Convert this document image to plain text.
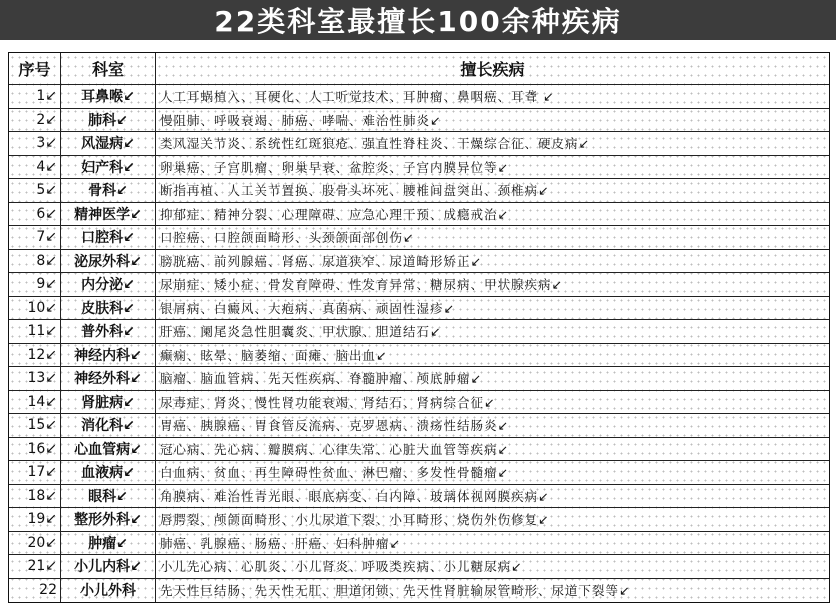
22类科室最擅长100余种疾病
序号	科室	擅长疾病
1↙	耳鼻喉↙	人工耳蜗植入、耳硬化、人工听觉技术、耳肿瘤、鼻咽癌、耳聋 ↙
2↙	肺科↙	慢阻肺、呼吸衰竭、肺癌、哮喘、难治性肺炎↙
3↙	风湿病↙	类风湿关节炎、系统性红斑狼疮、强直性脊柱炎、干燥综合征、硬皮病↙
4↙	妇产科↙	卵巢癌、子宫肌瘤、卵巢早衰、盆腔炎、子宫内膜异位等↙
5↙	骨科↙	断指再植、人工关节置换、股骨头坏死、腰椎间盘突出、颈椎病↙
6↙	精神医学↙	抑郁症、精神分裂、心理障碍、应急心理干预、成瘾戒治↙
7↙	口腔科↙	口腔癌、口腔颌面畸形、头颈颌面部创伤↙
8↙	泌尿外科↙	膀胱癌、前列腺癌、肾癌、尿道狭窄、尿道畸形矫正↙
9↙	内分泌↙	尿崩症、矮小症、骨发育障碍、性发育异常、糖尿病、甲状腺疾病↙
10↙	皮肤科↙	银屑病、白癜风、大疱病、真菌病、顽固性湿疹↙
11↙	普外科↙	肝癌、阑尾炎急性胆囊炎、甲状腺、胆道结石↙
12↙	神经内科↙	癫痫、眩晕、脑萎缩、面瘫、脑出血↙
13↙	神经外科↙	脑瘤、脑血管病、先天性疾病、脊髓肿瘤、颅底肿瘤↙
14↙	肾脏病↙	尿毒症、肾炎、慢性肾功能衰竭、肾结石、肾病综合征↙
15↙	消化科↙	胃癌、胰腺癌、胃食管反流病、克罗恩病、溃疡性结肠炎↙
16↙	心血管病↙	冠心病、先心病、瓣膜病、心律失常、心脏大血管等疾病↙
17↙	血液病↙	白血病、贫血、再生障碍性贫血、淋巴瘤、多发性骨髓瘤↙
18↙	眼科↙	角膜病、难治性青光眼、眼底病变、白内障、玻璃体视网膜疾病↙
19↙	整形外科↙	唇腭裂、颅颌面畸形、小儿尿道下裂、小耳畸形、烧伤外伤修复↙
20↙	肿瘤↙	肺癌、乳腺癌、肠癌、肝癌、妇科肿瘤↙
21↙	小儿内科↙	小儿先心病、心肌炎、小儿肾炎、呼吸类疾病、小儿糖尿病↙
22	小儿外科	先天性巨结肠、先天性无肛、胆道闭锁、先天性肾脏输尿管畸形、尿道下裂等↙
